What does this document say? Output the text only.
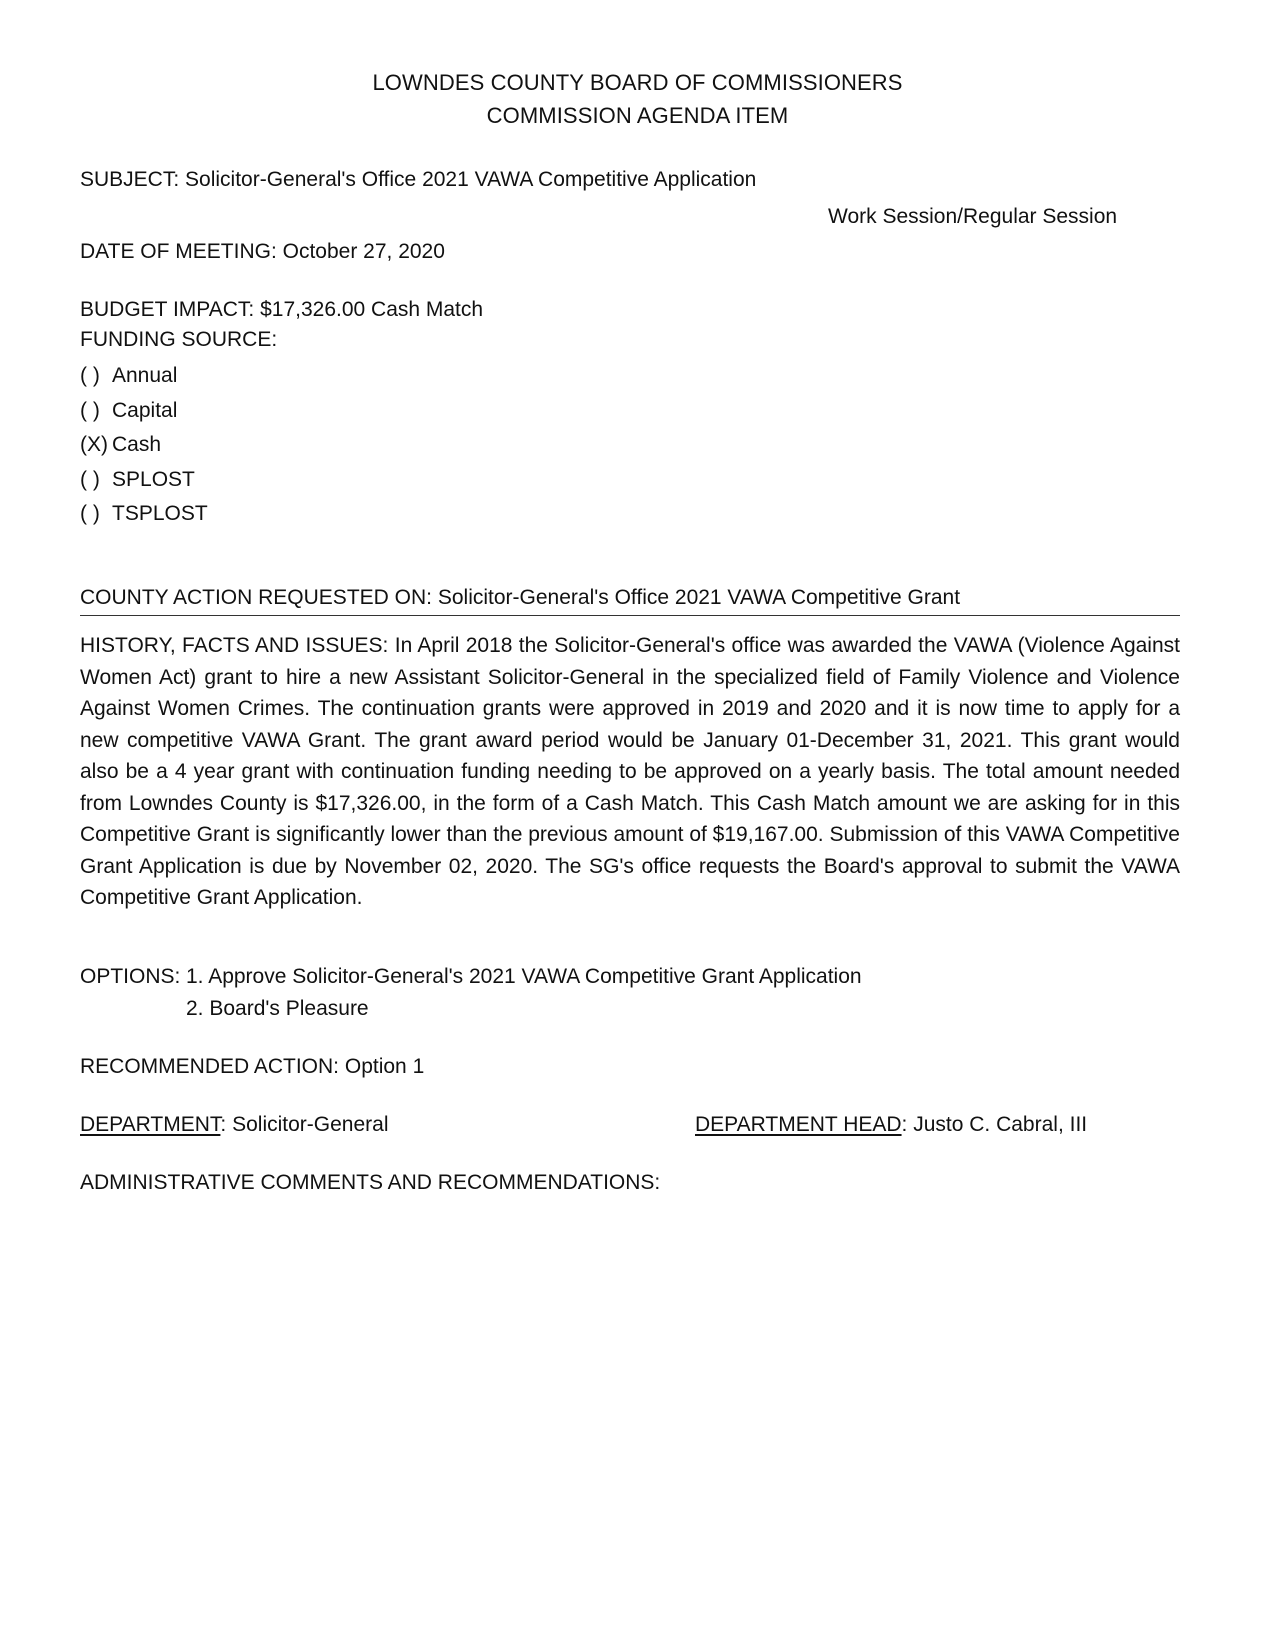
LOWNDES COUNTY BOARD OF COMMISSIONERS
COMMISSION AGENDA ITEM
SUBJECT: Solicitor-General's Office 2021 VAWA Competitive Application
Work Session/Regular Session
DATE OF MEETING: October 27, 2020
BUDGET IMPACT: $17,326.00 Cash Match
FUNDING SOURCE:
( ) Annual
( ) Capital
(X) Cash
( ) SPLOST
( ) TSPLOST
COUNTY ACTION REQUESTED ON: Solicitor-General's Office 2021 VAWA Competitive Grant
HISTORY, FACTS AND ISSUES: In April 2018 the Solicitor-General's office was awarded the VAWA (Violence Against Women Act) grant to hire a new Assistant Solicitor-General in the specialized field of Family Violence and Violence Against Women Crimes. The continuation grants were approved in 2019 and 2020 and it is now time to apply for a new competitive VAWA Grant. The grant award period would be January 01-December 31, 2021. This grant would also be a 4 year grant with continuation funding needing to be approved on a yearly basis. The total amount needed from Lowndes County is $17,326.00, in the form of a Cash Match. This Cash Match amount we are asking for in this Competitive Grant is significantly lower than the previous amount of $19,167.00. Submission of this VAWA Competitive Grant Application is due by November 02, 2020. The SG's office requests the Board's approval to submit the VAWA Competitive Grant Application.
OPTIONS: 1. Approve Solicitor-General's 2021 VAWA Competitive Grant Application
2. Board's Pleasure
RECOMMENDED ACTION: Option 1
DEPARTMENT: Solicitor-General	DEPARTMENT HEAD: Justo C. Cabral, III
ADMINISTRATIVE COMMENTS AND RECOMMENDATIONS:
